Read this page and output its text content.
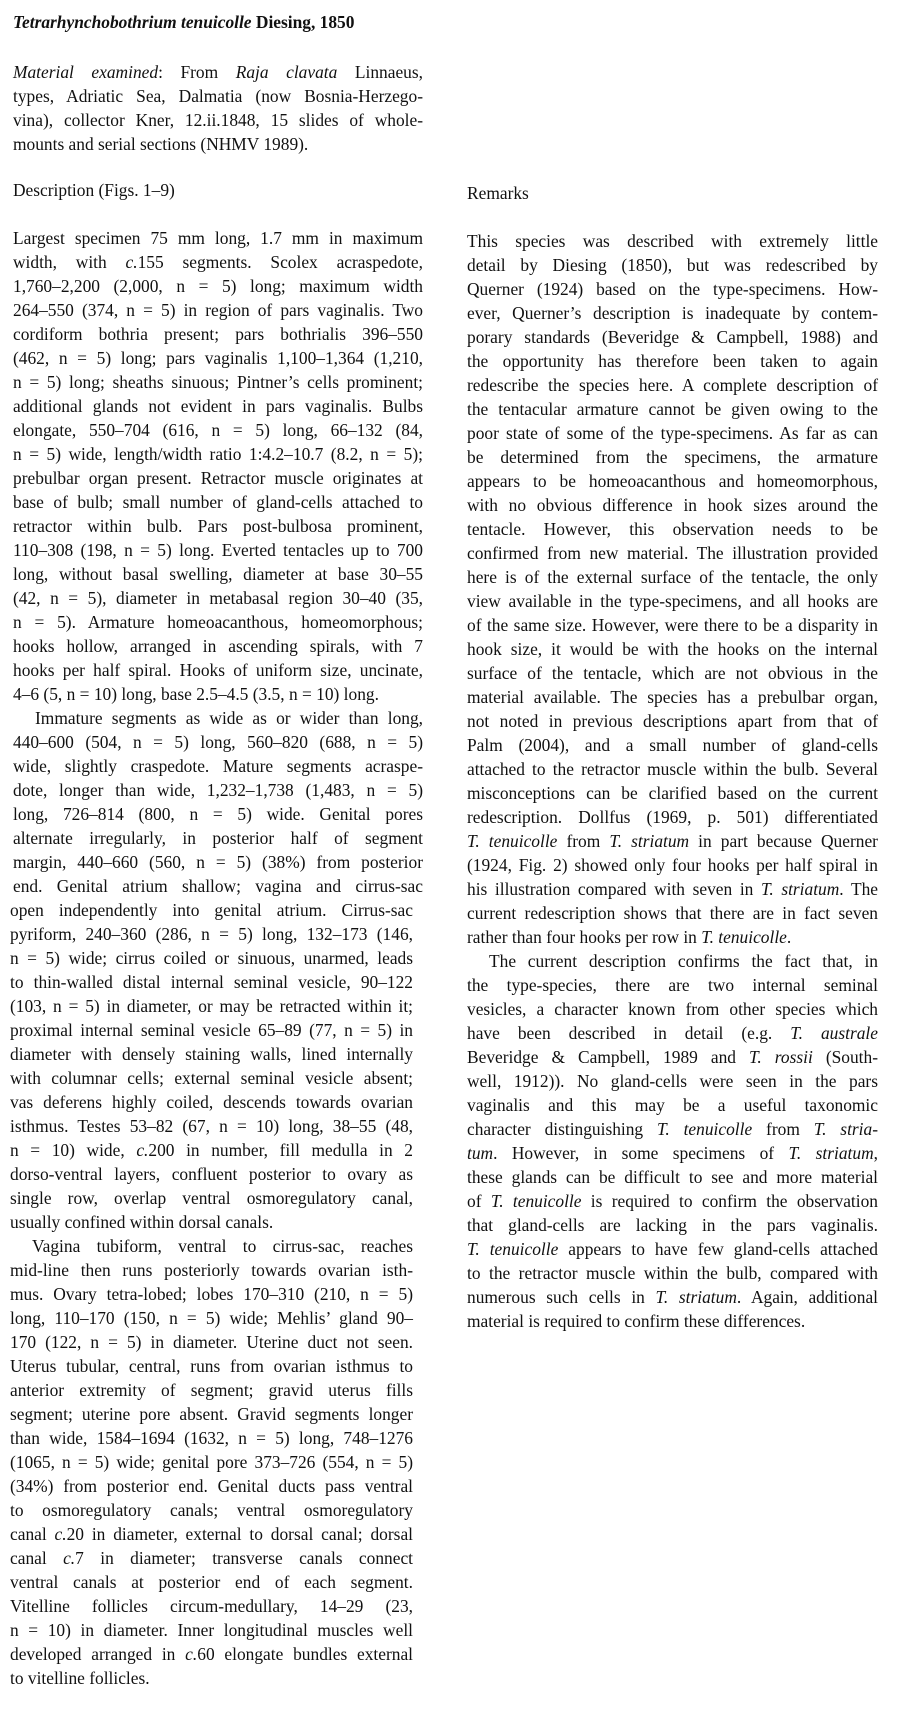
Tetrarhynchobothrium tenuicolle Diesing, 1850
Material examined: From Raja clavata Linnaeus,
types, Adriatic Sea, Dalmatia (now Bosnia-Herzego-
vina), collector Kner, 12.ii.1848, 15 slides of whole-
mounts and serial sections (NHMV 1989).
Description (Figs. 1–9)
Largest specimen 75 mm long, 1.7 mm in maximum
width, with c.155 segments. Scolex acraspedote,
1,760–2,200 (2,000, n = 5) long; maximum width
264–550 (374, n = 5) in region of pars vaginalis. Two
cordiform bothria present; pars bothrialis 396–550
(462, n = 5) long; pars vaginalis 1,100–1,364 (1,210,
n = 5) long; sheaths sinuous; Pintner’s cells prominent;
additional glands not evident in pars vaginalis. Bulbs
elongate, 550–704 (616, n = 5) long, 66–132 (84,
n = 5) wide, length/width ratio 1:4.2–10.7 (8.2, n = 5);
prebulbar organ present. Retractor muscle originates at
base of bulb; small number of gland-cells attached to
retractor within bulb. Pars post-bulbosa prominent,
110–308 (198, n = 5) long. Everted tentacles up to 700
long, without basal swelling, diameter at base 30–55
(42, n = 5), diameter in metabasal region 30–40 (35,
n = 5). Armature homeoacanthous, homeomorphous;
hooks hollow, arranged in ascending spirals, with 7
hooks per half spiral. Hooks of uniform size, uncinate,
4–6 (5, n = 10) long, base 2.5–4.5 (3.5, n = 10) long.
Immature segments as wide as or wider than long,
440–600 (504, n = 5) long, 560–820 (688, n = 5)
wide, slightly craspedote. Mature segments acraspe-
dote, longer than wide, 1,232–1,738 (1,483, n = 5)
long, 726–814 (800, n = 5) wide. Genital pores
alternate irregularly, in posterior half of segment
margin, 440–660 (560, n = 5) (38%) from posterior
end. Genital atrium shallow; vagina and cirrus-sac
open independently into genital atrium. Cirrus-sac
pyriform, 240–360 (286, n = 5) long, 132–173 (146,
n = 5) wide; cirrus coiled or sinuous, unarmed, leads
to thin-walled distal internal seminal vesicle, 90–122
(103, n = 5) in diameter, or may be retracted within it;
proximal internal seminal vesicle 65–89 (77, n = 5) in
diameter with densely staining walls, lined internally
with columnar cells; external seminal vesicle absent;
vas deferens highly coiled, descends towards ovarian
isthmus. Testes 53–82 (67, n = 10) long, 38–55 (48,
n = 10) wide, c.200 in number, fill medulla in 2
dorso-ventral layers, confluent posterior to ovary as
single row, overlap ventral osmoregulatory canal,
usually confined within dorsal canals.
Vagina tubiform, ventral to cirrus-sac, reaches
mid-line then runs posteriorly towards ovarian isth-
mus. Ovary tetra-lobed; lobes 170–310 (210, n = 5)
long, 110–170 (150, n = 5) wide; Mehlis’ gland 90–
170 (122, n = 5) in diameter. Uterine duct not seen.
Uterus tubular, central, runs from ovarian isthmus to
anterior extremity of segment; gravid uterus fills
segment; uterine pore absent. Gravid segments longer
than wide, 1584–1694 (1632, n = 5) long, 748–1276
(1065, n = 5) wide; genital pore 373–726 (554, n = 5)
(34%) from posterior end. Genital ducts pass ventral
to osmoregulatory canals; ventral osmoregulatory
canal c.20 in diameter, external to dorsal canal; dorsal
canal c.7 in diameter; transverse canals connect
ventral canals at posterior end of each segment.
Vitelline follicles circum-medullary, 14–29 (23,
n = 10) in diameter. Inner longitudinal muscles well
developed arranged in c.60 elongate bundles external
to vitelline follicles.
Remarks
This species was described with extremely little
detail by Diesing (1850), but was redescribed by
Querner (1924) based on the type-specimens. How-
ever, Querner’s description is inadequate by contem-
porary standards (Beveridge & Campbell, 1988) and
the opportunity has therefore been taken to again
redescribe the species here. A complete description of
the tentacular armature cannot be given owing to the
poor state of some of the type-specimens. As far as can
be determined from the specimens, the armature
appears to be homeoacanthous and homeomorphous,
with no obvious difference in hook sizes around the
tentacle. However, this observation needs to be
confirmed from new material. The illustration provided
here is of the external surface of the tentacle, the only
view available in the type-specimens, and all hooks are
of the same size. However, were there to be a disparity in
hook size, it would be with the hooks on the internal
surface of the tentacle, which are not obvious in the
material available. The species has a prebulbar organ,
not noted in previous descriptions apart from that of
Palm (2004), and a small number of gland-cells
attached to the retractor muscle within the bulb. Several
misconceptions can be clarified based on the current
redescription. Dollfus (1969, p. 501) differentiated
T. tenuicolle from T. striatum in part because Querner
(1924, Fig. 2) showed only four hooks per half spiral in
his illustration compared with seven in T. striatum. The
current redescription shows that there are in fact seven
rather than four hooks per row in T. tenuicolle.
The current description confirms the fact that, in
the type-species, there are two internal seminal
vesicles, a character known from other species which
have been described in detail (e.g. T. australe
Beveridge & Campbell, 1989 and T. rossii (South-
well, 1912)). No gland-cells were seen in the pars
vaginalis and this may be a useful taxonomic
character distinguishing T. tenuicolle from T. stria-
tum. However, in some specimens of T. striatum,
these glands can be difficult to see and more material
of T. tenuicolle is required to confirm the observation
that gland-cells are lacking in the pars vaginalis.
T. tenuicolle appears to have few gland-cells attached
to the retractor muscle within the bulb, compared with
numerous such cells in T. striatum. Again, additional
material is required to confirm these differences.
